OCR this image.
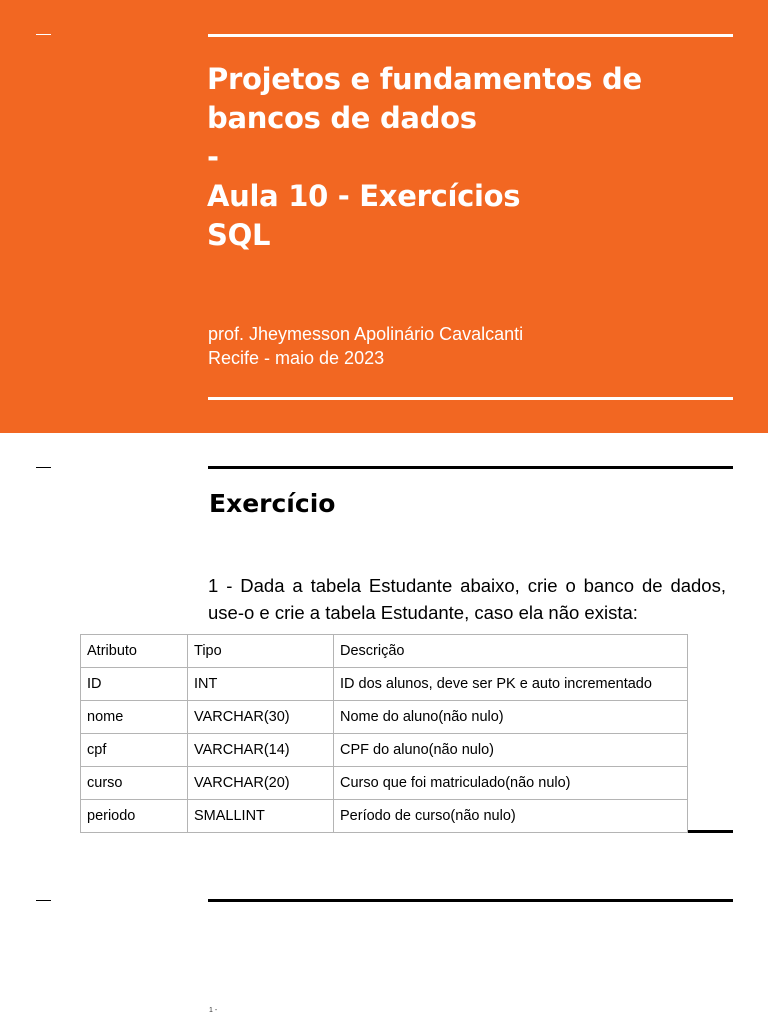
Projetos e fundamentos de
bancos de dados
-
Aula 10 - Exercícios
SQL
prof. Jheymesson Apolinário Cavalcanti
Recife - maio de 2023
Exercício
1 - Dada a tabela Estudante abaixo, crie o banco de dados, use-o e crie a tabela Estudante, caso ela não exista:
Atributo	Tipo	Descrição
ID	INT	ID dos alunos, deve ser PK e auto incrementado
nome	VARCHAR(30)	Nome do aluno(não nulo)
cpf	VARCHAR(14)	CPF do aluno(não nulo)
curso	VARCHAR(20)	Curso que foi matriculado(não nulo)
periodo	SMALLINT	Período de curso(não nulo)
1 -
